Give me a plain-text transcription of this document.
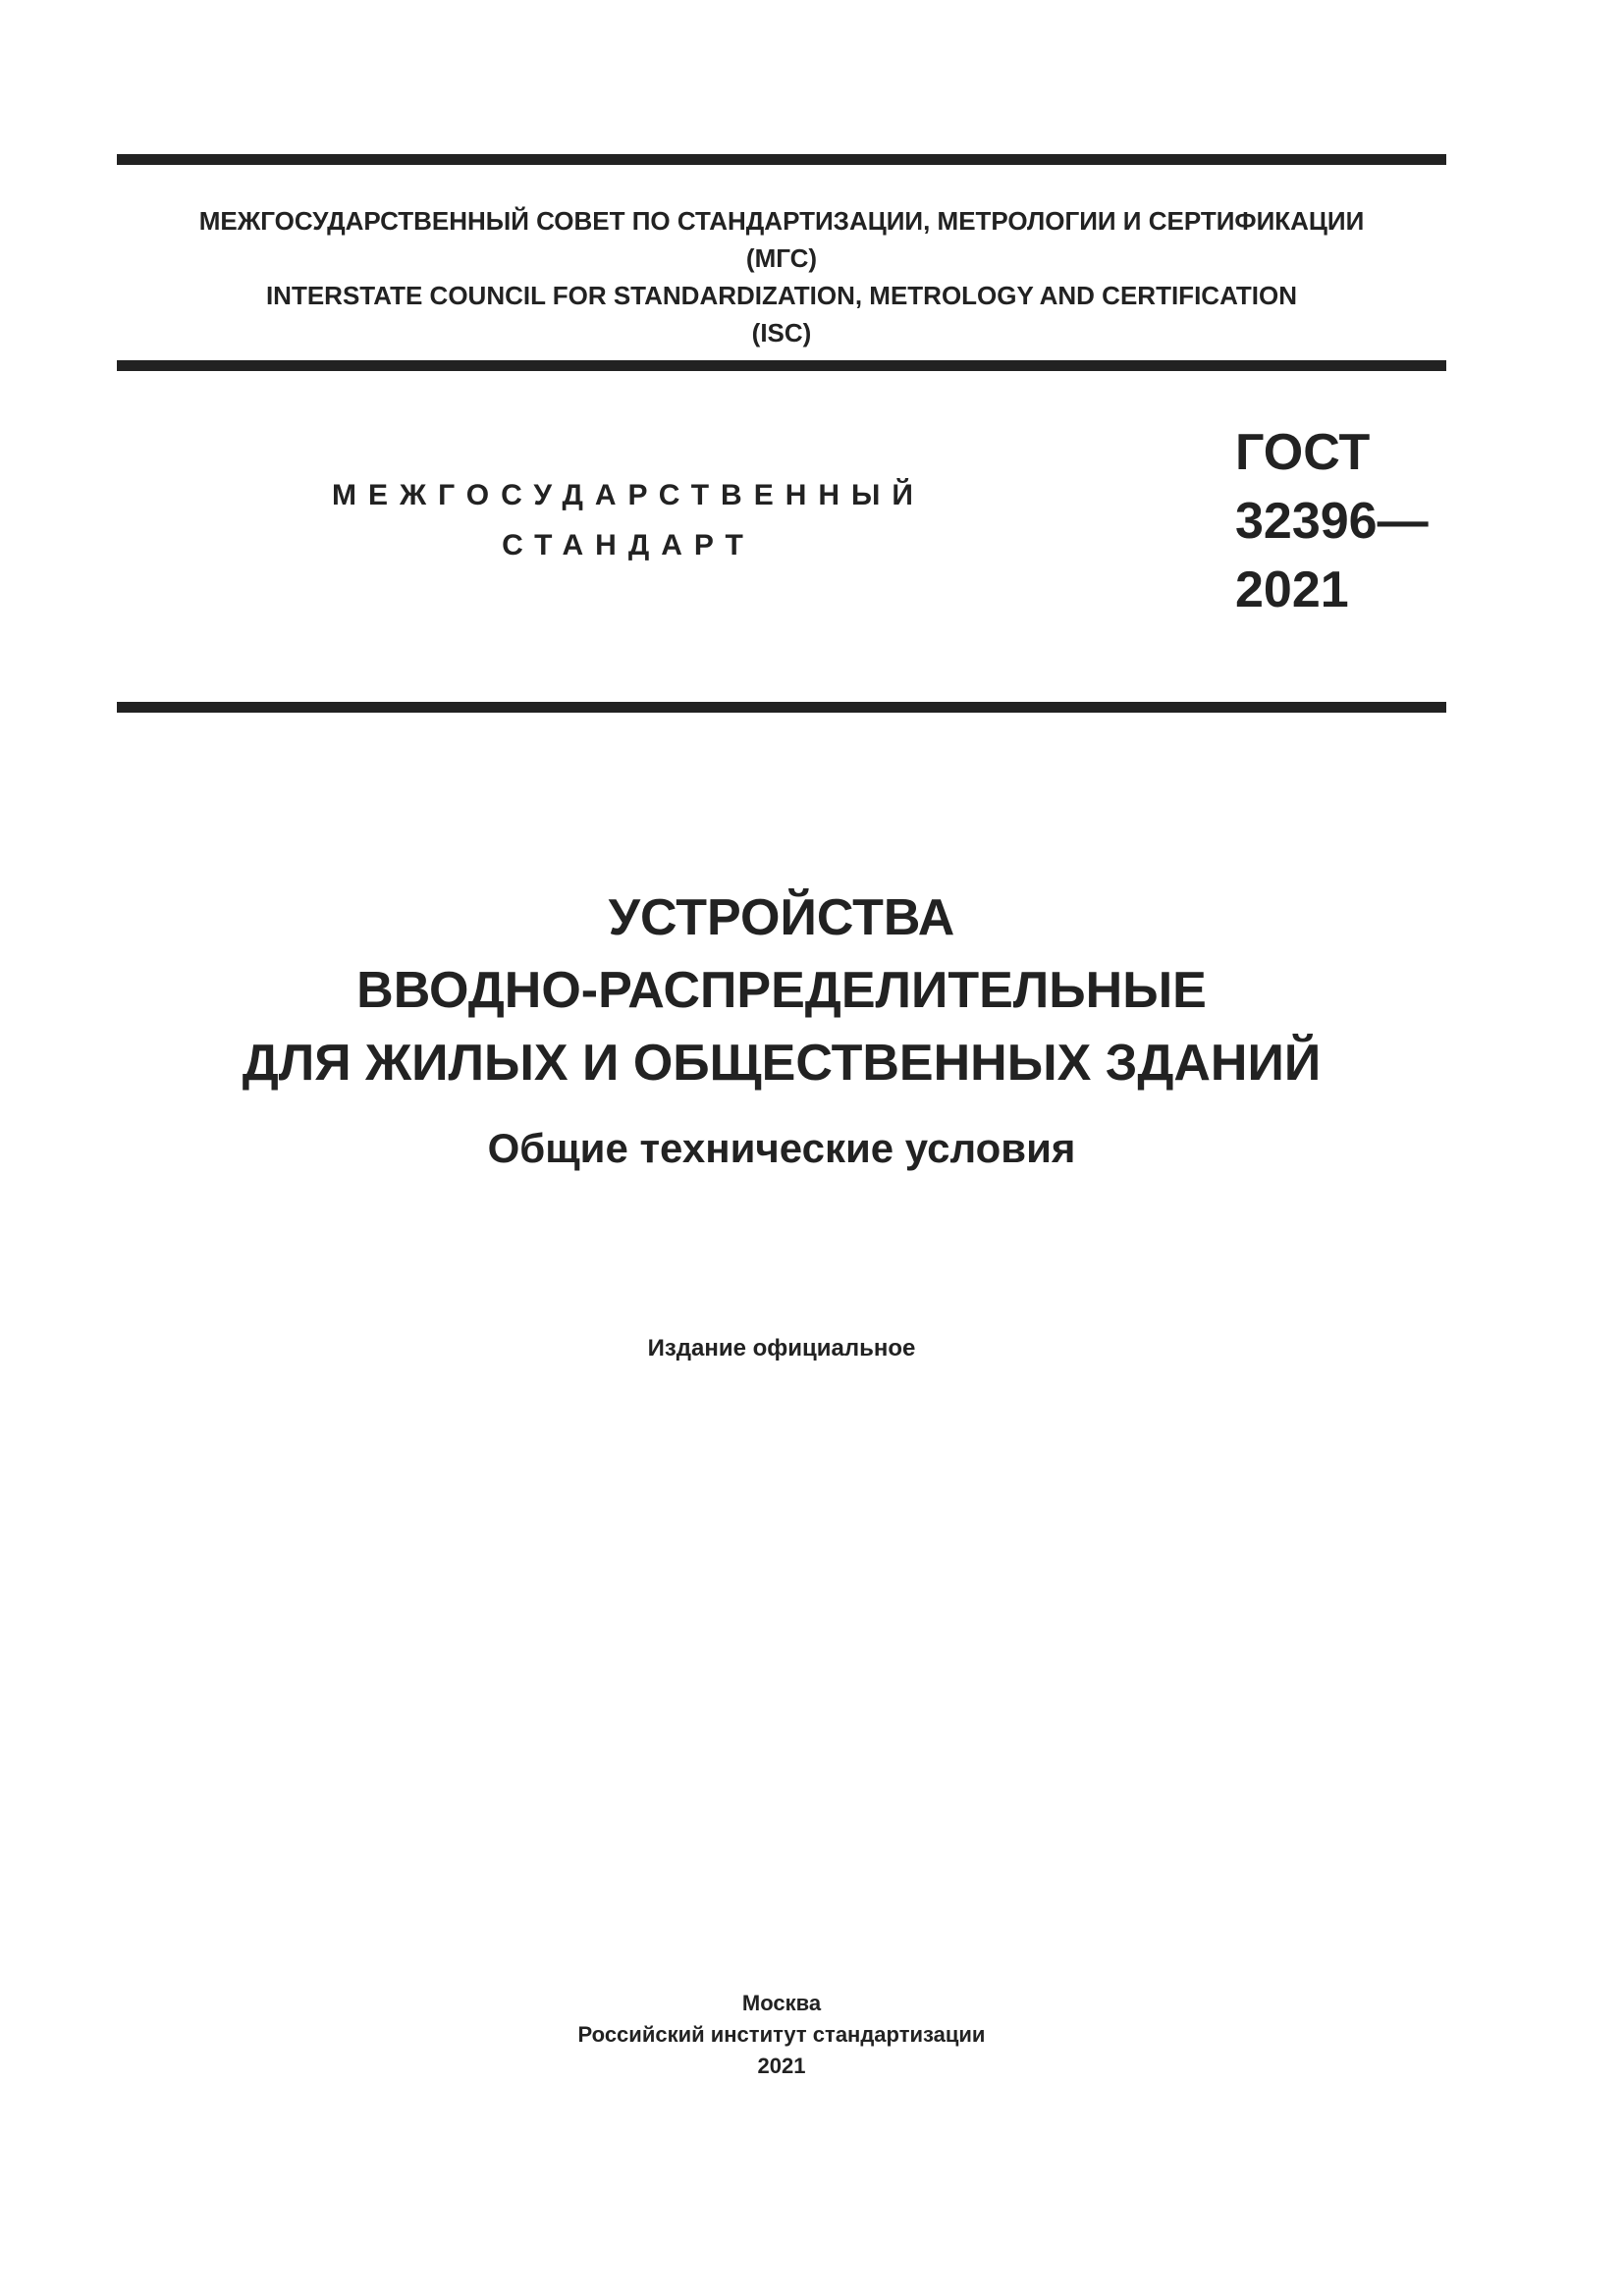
МЕЖГОСУДАРСТВЕННЫЙ СОВЕТ ПО СТАНДАРТИЗАЦИИ, МЕТРОЛОГИИ И СЕРТИФИКАЦИИ
(МГС)
INTERSTATE COUNCIL FOR STANDARDIZATION, METROLOGY AND CERTIFICATION
(ISC)
МЕЖГОСУДАРСТВЕННЫЙ
СТАНДАРТ
ГОСТ
32396—
2021
УСТРОЙСТВА
ВВОДНО-РАСПРЕДЕЛИТЕЛЬНЫЕ
ДЛЯ ЖИЛЫХ И ОБЩЕСТВЕННЫХ ЗДАНИЙ
Общие технические условия
Издание официальное
Москва
Российский институт стандартизации
2021
